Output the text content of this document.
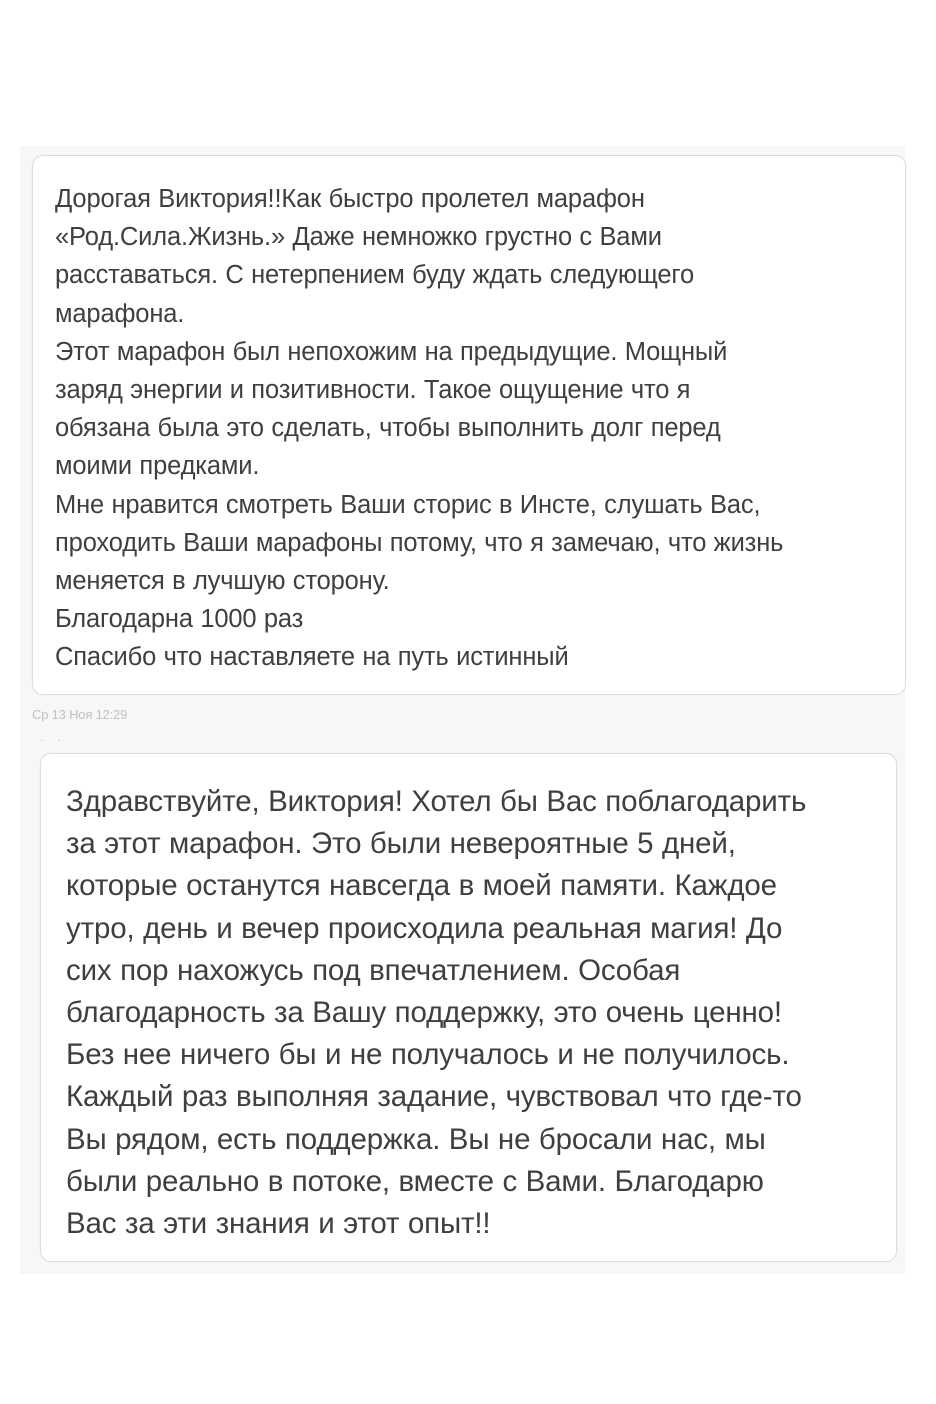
Дорогая Виктория!!Как быстро пролетел марафон
«Род.Сила.Жизнь.» Даже немножко грустно с Вами
расставаться. С нетерпением буду ждать следующего
марафона.
Этот марафон был непохожим на предыдущие. Мощный
заряд энергии и позитивности. Такое ощущение что я
обязана была это сделать, чтобы выполнить долг перед
моими предками.
Мне нравится смотреть Ваши сторис в Инсте, слушать Вас,
проходить Ваши марафоны потому, что я замечаю, что жизнь
меняется в лучшую сторону.
Благодарна 1000 раз
Спасибо что наставляете на путь истинный

Ср 13 Ноя 12:29

Здравствуйте, Виктория! Хотел бы Вас поблагодарить
за этот марафон. Это были невероятные 5 дней,
которые останутся навсегда в моей памяти. Каждое
утро, день и вечер происходила реальная магия! До
сих пор нахожусь под впечатлением. Особая
благодарность за Вашу поддержку, это очень ценно!
Без нее ничего бы и не получалось и не получилось.
Каждый раз выполняя задание, чувствовал что где-то
Вы рядом, есть поддержка. Вы не бросали нас, мы
были реально в потоке, вместе с Вами. Благодарю
Вас за эти знания и этот опыт!!
